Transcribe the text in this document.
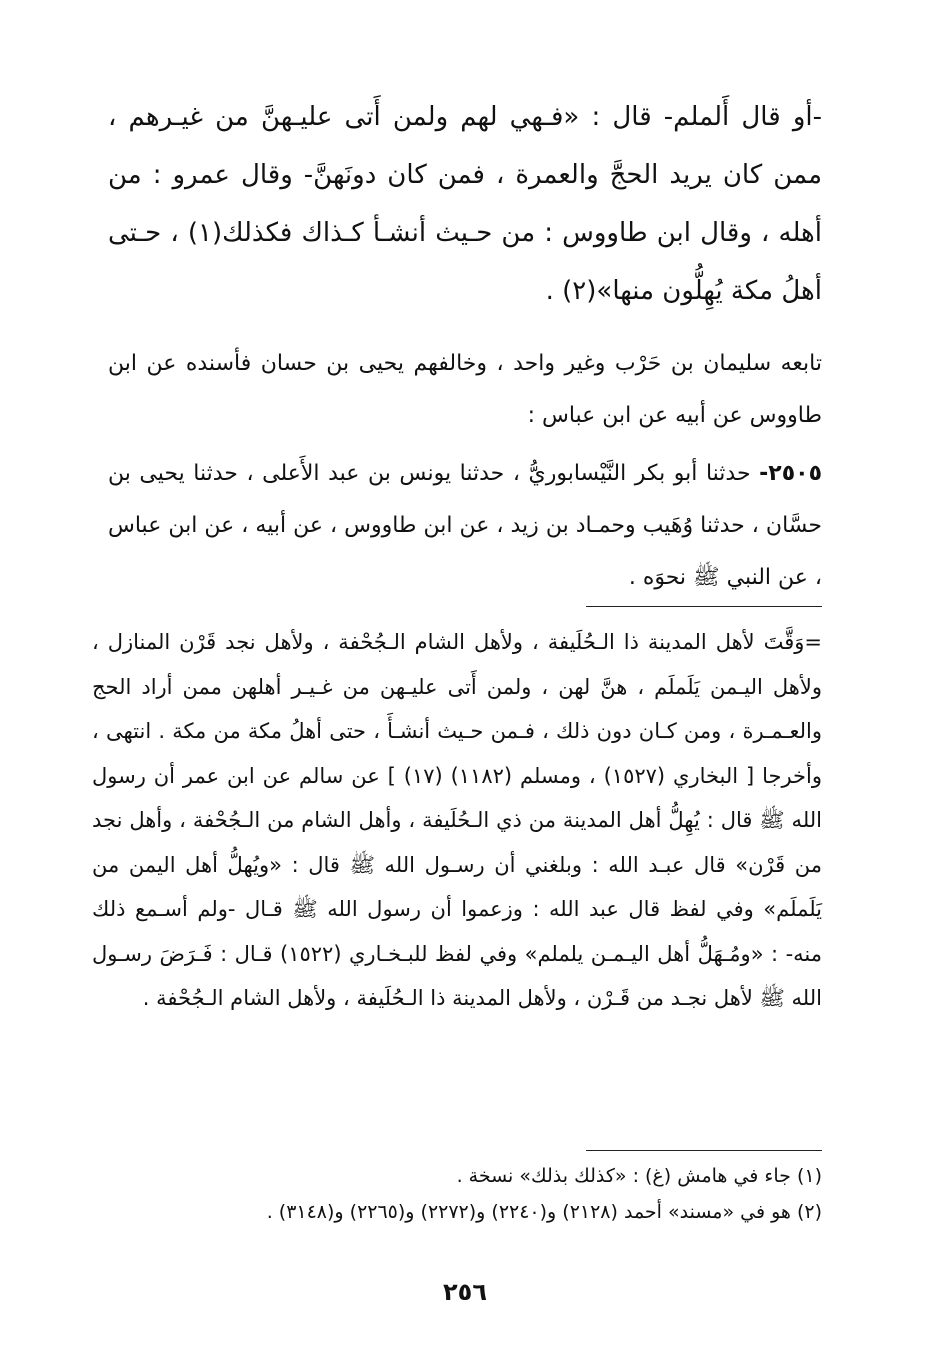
-أو قال أَلملم- قال : «فـهي لهم ولمن أَتى عليـهنَّ من غيـرهم ، ممن كان يريد الحجَّ والعمرة ، فمن كان دونَهنَّ- وقال عمرو : من أهله ، وقال ابن طاووس : من حـيث أنشـأ كـذاك فكذلك(١) ، حـتى أهلُ مكة يُهِلُّون منها»(٢) .

تابعه سليمان بن حَرْب وغير واحد ، وخالفهم يحيى بن حسان فأسنده عن ابن طاووس عن أبيه عن ابن عباس :

٢٥٠٥- حدثنا أبو بكر النَّيْسابوريُّ ، حدثنا يونس بن عبد الأَعلى ، حدثنا يحيى بن حسَّان ، حدثنا وُهَيب وحمـاد بن زيد ، عن ابن طاووس ، عن أبيه ، عن ابن عباس ، عن النبي ﷺ نحوَه .

=وَقَّتَ لأهل المدينة ذا الـحُلَيفة ، ولأهل الشام الـجُحْفة ، ولأهل نجد قَرْن المنازل ، ولأهل اليـمن يَلَملَم ، هنَّ لهن ، ولمن أَتى عليـهن من غـيـر أهلهن ممن أراد الحج والعـمـرة ، ومن كـان دون ذلك ، فـمن حـيث أنشـأَ ، حتى أهلُ مكة من مكة . انتهى ، وأخرجا [ البخاري (١٥٢٧) ، ومسلم (١١٨٢) (١٧) ] عن سالم عن ابن عمر أن رسول الله ﷺ قال : يُهِلُّ أهل المدينة من ذي الـحُلَيفة ، وأهل الشام من الـجُحْفة ، وأهل نجد من قَرْن» قال عبـد الله : وبلغني أن رسـول الله ﷺ قال : «ويُهلُّ أهل اليمن من يَلَملَم» وفي لفظ قال عبد الله : وزعموا أن رسول الله ﷺ قـال -ولم أسـمع ذلك منه- : «ومُـهَلُّ أهل اليـمـن يلملم» وفي لفظ للبـخـاري (١٥٢٢) قـال : فَـرَضَ رسـول الله ﷺ لأهل نجـد من قَـرْن ، ولأهل المدينة ذا الـحُلَيفة ، ولأهل الشام الـجُحْفة .

(١) جاء في هامش (غ) : «كذلك بذلك» نسخة .

(٢) هو في «مسند» أحمد (٢١٢٨) و(٢٢٤٠) و(٢٢٧٢) و(٢٢٦٥) و(٣١٤٨) .

٢٥٦
